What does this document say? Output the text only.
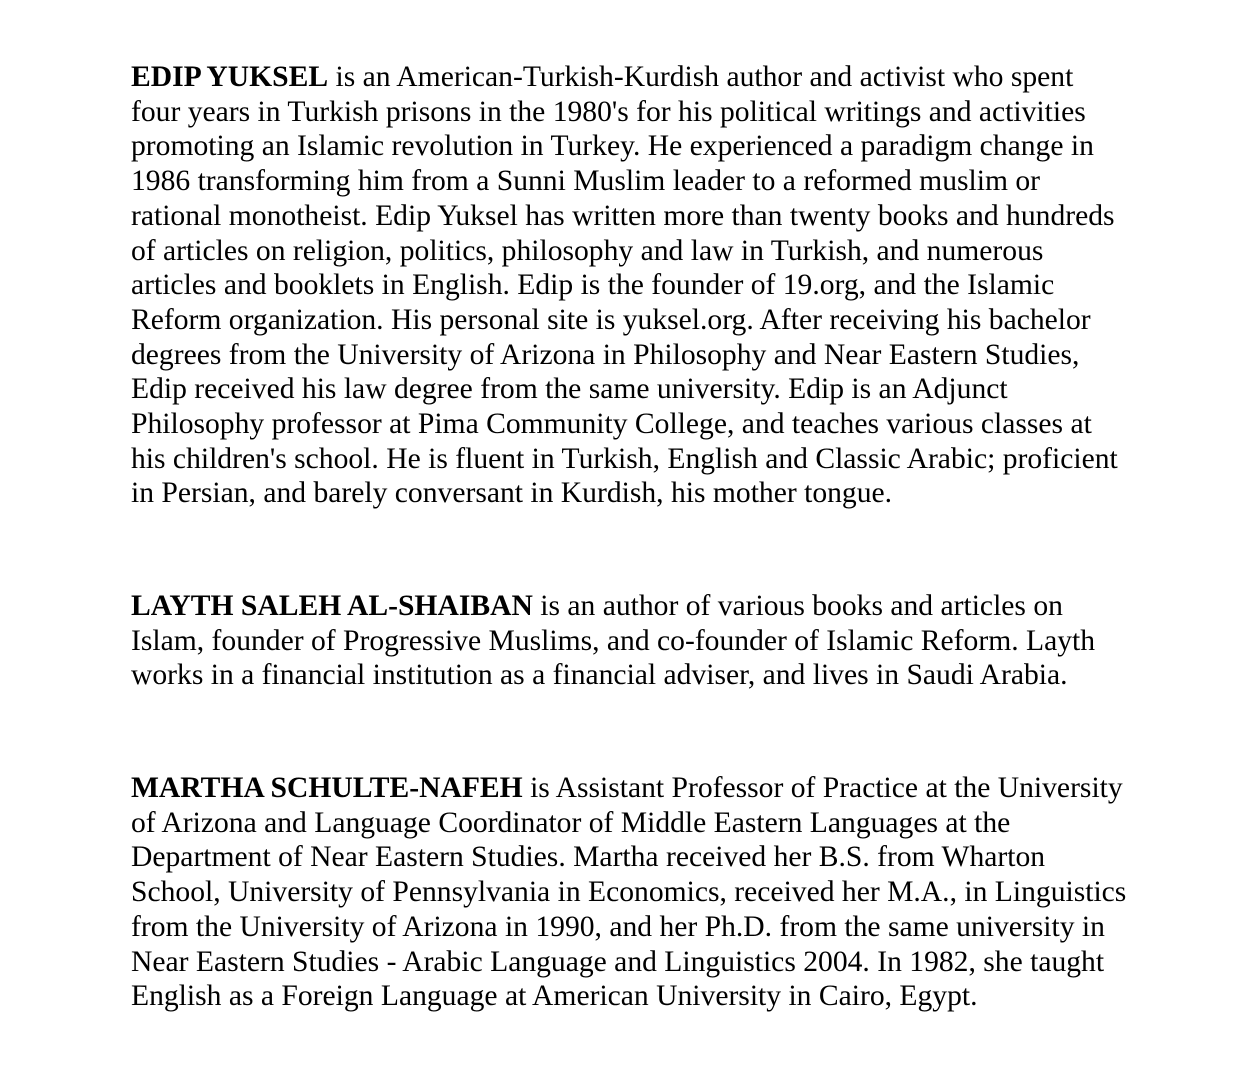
EDIP YUKSEL is an American-Turkish-Kurdish author and activist who spent
four years in Turkish prisons in the 1980's for his political writings and activities
promoting an Islamic revolution in Turkey. He experienced a paradigm change in
1986 transforming him from a Sunni Muslim leader to a reformed muslim or
rational monotheist. Edip Yuksel has written more than twenty books and hundreds
of articles on religion, politics, philosophy and law in Turkish, and numerous
articles and booklets in English. Edip is the founder of 19.org, and the Islamic
Reform organization. His personal site is yuksel.org. After receiving his bachelor
degrees from the University of Arizona in Philosophy and Near Eastern Studies,
Edip received his law degree from the same university. Edip is an Adjunct
Philosophy professor at Pima Community College, and teaches various classes at
his children's school. He is fluent in Turkish, English and Classic Arabic; proficient
in Persian, and barely conversant in Kurdish, his mother tongue.

LAYTH SALEH AL-SHAIBAN is an author of various books and articles on
Islam, founder of Progressive Muslims, and co-founder of Islamic Reform. Layth
works in a financial institution as a financial adviser, and lives in Saudi Arabia.

MARTHA SCHULTE-NAFEH is Assistant Professor of Practice at the University
of Arizona and Language Coordinator of Middle Eastern Languages at the
Department of Near Eastern Studies. Martha received her B.S. from Wharton
School, University of Pennsylvania in Economics, received her M.A., in Linguistics
from the University of Arizona in 1990, and her Ph.D. from the same university in
Near Eastern Studies - Arabic Language and Linguistics 2004. In 1982, she taught
English as a Foreign Language at American University in Cairo, Egypt.
